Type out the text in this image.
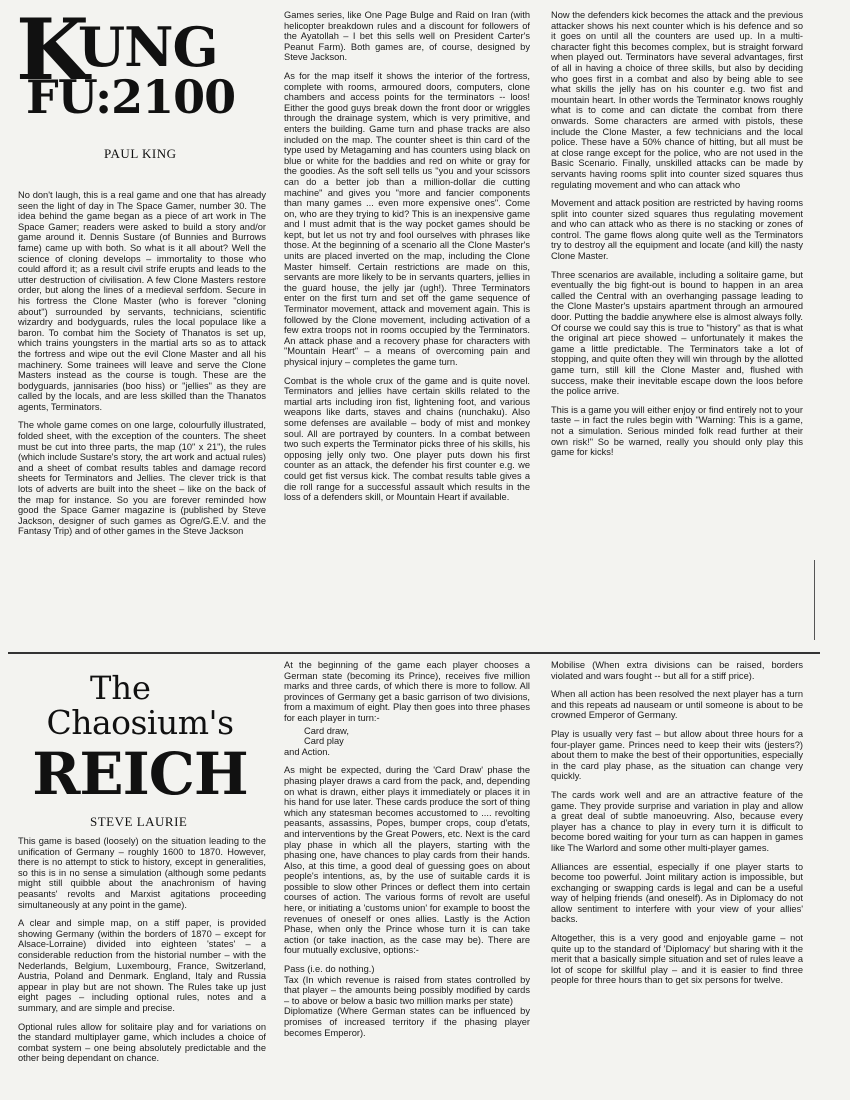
K
UNG
FU:2100
PAUL KING

No don't laugh, this is a real game and one that has already seen the light of day in The Space Gamer, number 30. The idea behind the game began as a piece of art work in The Space Gamer; readers were asked to build a story and/or game around it. Dennis Sustare (of Bunnies and Burrows fame) came up with both. So what is it all about? Well the science of cloning develops – immortality to those who could afford it; as a result civil strife erupts and leads to the utter destruction of civilisation. A few Clone Masters restore order, but along the lines of a medieval serfdom. Secure in his fortress the Clone Master (who is forever "cloning about") surrounded by servants, technicians, scientific wizardry and bodyguards, rules the local populace like a baron. To combat him the Society of Thanatos is set up, which trains youngsters in the martial arts so as to attack the fortress and wipe out the evil Clone Master and all his machinery. Some trainees will leave and serve the Clone Masters instead as the course is tough. These are the bodyguards, jannisaries (boo hiss) or "jellies" as they are called by the locals, and are less skilled than the Thanatos agents, Terminators.

The whole game comes on one large, colourfully illustrated, folded sheet, with the exception of the counters. The sheet must be cut into three parts, the map (10" x 21"), the rules (which include Sustare's story, the art work and actual rules) and a sheet of combat results tables and damage record sheets for Terminators and Jellies. The clever trick is that lots of adverts are built into the sheet – like on the back of the map for instance. So you are forever reminded how good the Space Gamer magazine is (published by Steve Jackson, designer of such games as Ogre/G.E.V. and the Fantasy Trip) and of other games in the Steve Jackson

Games series, like One Page Bulge and Raid on Iran (with helicopter breakdown rules and a discount for followers of the Ayatollah – I bet this sells well on President Carter's Peanut Farm). Both games are, of course, designed by Steve Jackson.

As for the map itself it shows the interior of the fortress, complete with rooms, armoured doors, computers, clone chambers and access points for the terminators -- loos! Either the good guys break down the front door or wriggles through the drainage system, which is very primitive, and enters the building. Game turn and phase tracks are also included on the map. The counter sheet is thin card of the type used by Metagaming and has counters using black on blue or white for the baddies and red on white or gray for the goodies. As the soft sell tells us "you and your scissors can do a better job than a million-dollar die cutting machine" and gives you "more and fancier components than many games ... even more expensive ones". Come on, who are they trying to kid? This is an inexpensive game and I must admit that is the way pocket games should be kept, but let us not try and fool ourselves with phrases like those. At the beginning of a scenario all the Clone Master's units are placed inverted on the map, including the Clone Master himself. Certain restrictions are made on this, servants are more likely to be in servants quarters, jellies in the guard house, the jelly jar (ugh!). Three Terminators enter on the first turn and set off the game sequence of Terminator movement, attack and movement again. This is followed by the Clone movement, including activation of a few extra troops not in rooms occupied by the Terminators. An attack phase and a recovery phase for characters with "Mountain Heart" – a means of overcoming pain and physical injury – completes the game turn.

Combat is the whole crux of the game and is quite novel. Terminators and jellies have certain skills related to the martial arts including iron fist, lightening foot, and various weapons like darts, staves and chains (nunchaku). Also some defenses are available – body of mist and monkey soul. All are portrayed by counters. In a combat between two such experts the Terminator picks three of his skills, his opposing jelly only two. One player puts down his first counter as an attack, the defender his first counter e.g. we could get fist versus kick. The combat results table gives a die roll range for a successful assault which results in the loss of a defenders skill, or Mountain Heart if available.

Now the defenders kick becomes the attack and the previous attacker shows his next counter which is his defence and so it goes on until all the counters are used up. In a multi-character fight this becomes complex, but is straight forward when played out. Terminators have several advantages, first of all in having a choice of three skills, but also by deciding who goes first in a combat and also by being able to see what skills the jelly has on his counter e.g. two fist and mountain heart. In other words the Terminator knows roughly what is to come and can dictate the combat from there onwards. Some characters are armed with pistols, these include the Clone Master, a few technicians and the local police. These have a 50% chance of hitting, but all must be at close range except for the police, who are not used in the Basic Scenario. Finally, unskilled attacks can be made by servants having rooms split into counter sized squares thus regulating movement and who can attack who

Movement and attack position are restricted by having rooms split into counter sized squares thus regulating movement and who can attack who as there is no stacking or zones of control. The game flows along quite well as the Terminators try to destroy all the equipment and locate (and kill) the nasty Clone Master.

Three scenarios are available, including a solitaire game, but eventually the big fight-out is bound to happen in an area called the Central with an overhanging passage leading to the Clone Master's upstairs apartment through an armoured door. Putting the baddie anywhere else is almost always folly. Of course we could say this is true to "history" as that is what the original art piece showed – unfortunately it makes the game a little predictable. The Terminators take a lot of stopping, and quite often they will win through by the allotted game turn, still kill the Clone Master and, flushed with success, make their inevitable escape down the loos before the police arrive.

This is a game you will either enjoy or find entirely not to your taste – in fact the rules begin with "Warning: This is a game, not a simulation. Serious minded folk read further at their own risk!" So be warned, really you should only play this game for kicks!

The
Chaosium's
REICH
STEVE LAURIE

This game is based (loosely) on the situation leading to the unification of Germany – roughly 1600 to 1870. However, there is no attempt to stick to history, except in generalities, so this is in no sense a simulation (although some pedants might still quibble about the anachronism of having peasants' revolts and Marxist agitations proceeding simultaneously at any point in the game).

A clear and simple map, on a stiff paper, is provided showing Germany (within the borders of 1870 – except for Alsace-Lorraine) divided into eighteen 'states' – a considerable reduction from the historial number – with the Nederlands, Belgium, Luxembourg, France, Switzerland, Austria, Poland and Denmark. England, Italy and Russia appear in play but are not shown. The Rules take up just eight pages – including optional rules, notes and a summary, and are simple and precise.

Optional rules allow for solitaire play and for variations on the standard multiplayer game, which includes a choice of combat system – one being absolutely predictable and the other being dependant on chance.

At the beginning of the game each player chooses a German state (becoming its Prince), receives five million marks and three cards, of which there is more to follow. All provinces of Germany get a basic garrison of two divisions, from a maximum of eight. Play then goes into three phases for each player in turn:-

Card draw,
Card play

and Action.

As might be expected, during the 'Card Draw' phase the phasing player draws a card from the pack, and, depending on what is drawn, either plays it immediately or places it in his hand for use later. These cards produce the sort of thing which any statesman becomes accustomed to .... revolting peasants, assassins, Popes, bumper crops, coup d'etats, and interventions by the Great Powers, etc. Next is the card play phase in which all the players, starting with the phasing one, have chances to play cards from their hands. Also, at this time, a good deal of guessing goes on about people's intentions, as, by the use of suitable cards it is possible to slow other Princes or deflect them into certain courses of action. The various forms of revolt are useful here, or initiating a 'customs union' for example to boost the revenues of oneself or ones allies. Lastly is the Action Phase, when only the Prince whose turn it is can take action (or take inaction, as the case may be). There are four mutually exclusive, options:-

Pass (i.e. do nothing.)

Tax (In which revenue is raised from states controlled by that player – the amounts being possibly modified by cards – to above or below a basic two million marks per state)

Diplomatize (Where German states can be influenced by promises of increased territory if the phasing player becomes Emperor).

Mobilise (When extra divisions can be raised, borders violated and wars fought -- but all for a stiff price).

When all action has been resolved the next player has a turn and this repeats ad nauseam or until someone is about to be crowned Emperor of Germany.

Play is usually very fast – but allow about three hours for a four-player game. Princes need to keep their wits (jesters?) about them to make the best of their opportunities, especially in the card play phase, as the situation can change very quickly.

The cards work well and are an attractive feature of the game. They provide surprise and variation in play and allow a great deal of subtle manoeuvring. Also, because every player has a chance to play in every turn it is difficult to become bored waiting for your turn as can happen in games like The Warlord and some other multi-player games.

Alliances are essential, especially if one player starts to become too powerful. Joint military action is impossible, but exchanging or swapping cards is legal and can be a useful way of helping friends (and oneself). As in Diplomacy do not allow sentiment to interfere with your view of your allies' backs.

Altogether, this is a very good and enjoyable game – not quite up to the standard of 'Diplomacy' but sharing with it the merit that a basically simple situation and set of rules leave a lot of scope for skillful play – and it is easier to find three people for three hours than to get six persons for twelve.
